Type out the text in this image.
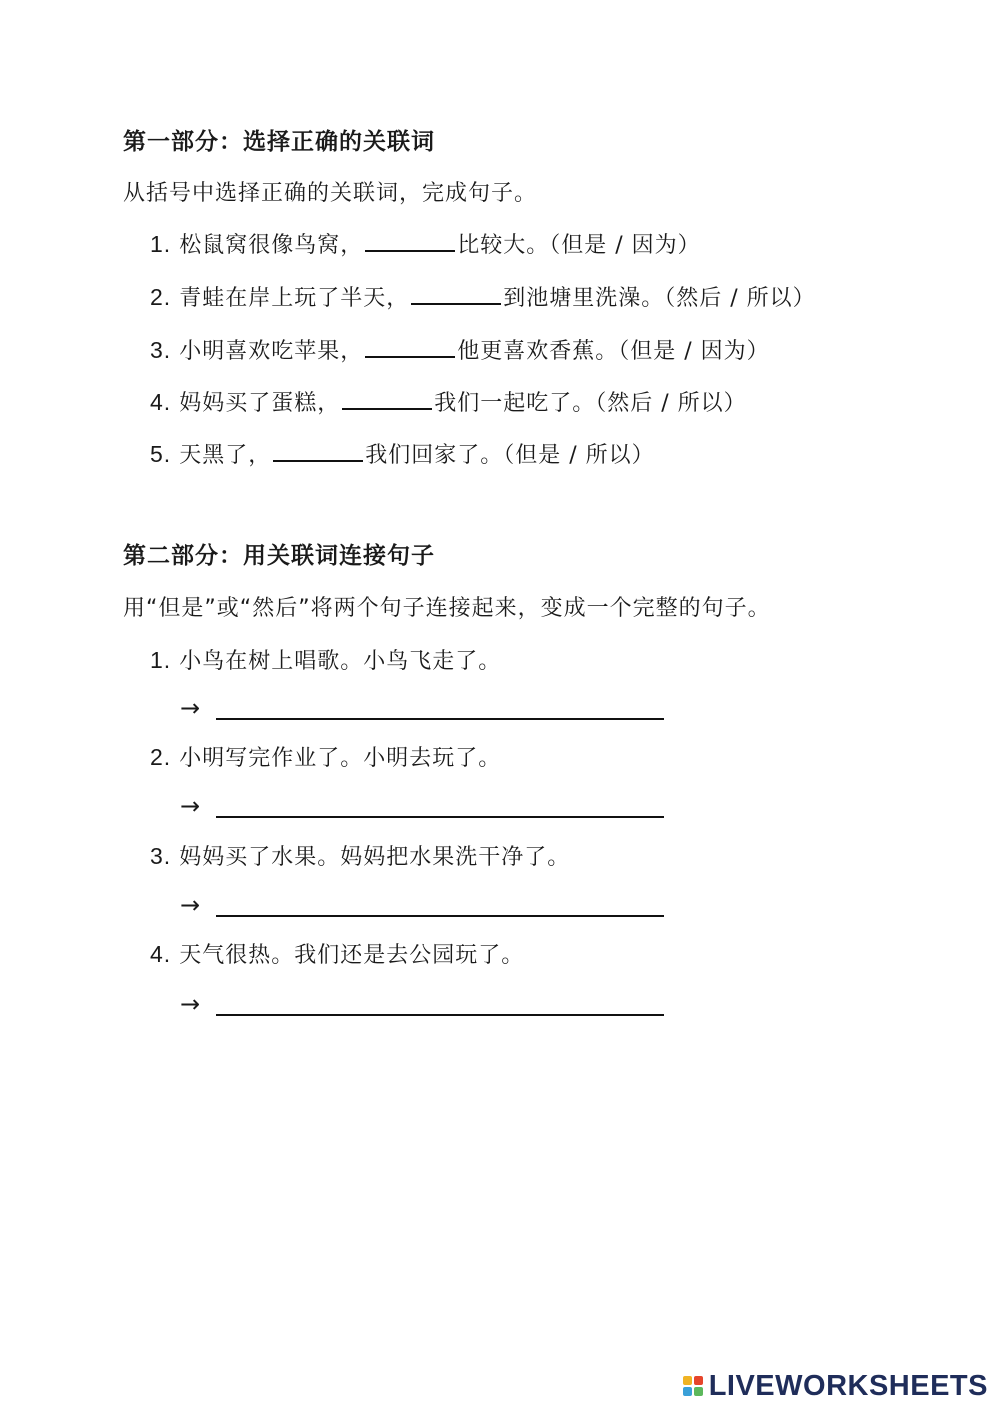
第一部分：选择正确的关联词
从括号中选择正确的关联词，完成句子。
1. 松鼠窝很像鸟窝，	比较大。（但是 / 因为）
2. 青蛙在岸上玩了半天，	到池塘里洗澡。（然后 / 所以）
3. 小明喜欢吃苹果，	他更喜欢香蕉。（但是 / 因为）
4. 妈妈买了蛋糕，	我们一起吃了。（然后 / 所以）
5. 天黑了，	我们回家了。（但是 / 所以）
第二部分：用关联词连接句子
用“但是”或“然后”将两个句子连接起来，变成一个完整的句子。
1. 小鸟在树上唱歌。小鸟飞走了。
→
2. 小明写完作业了。小明去玩了。
→
3. 妈妈买了水果。妈妈把水果洗干净了。
→
4. 天气很热。我们还是去公园玩了。
→
LIVEWORKSHEETS
